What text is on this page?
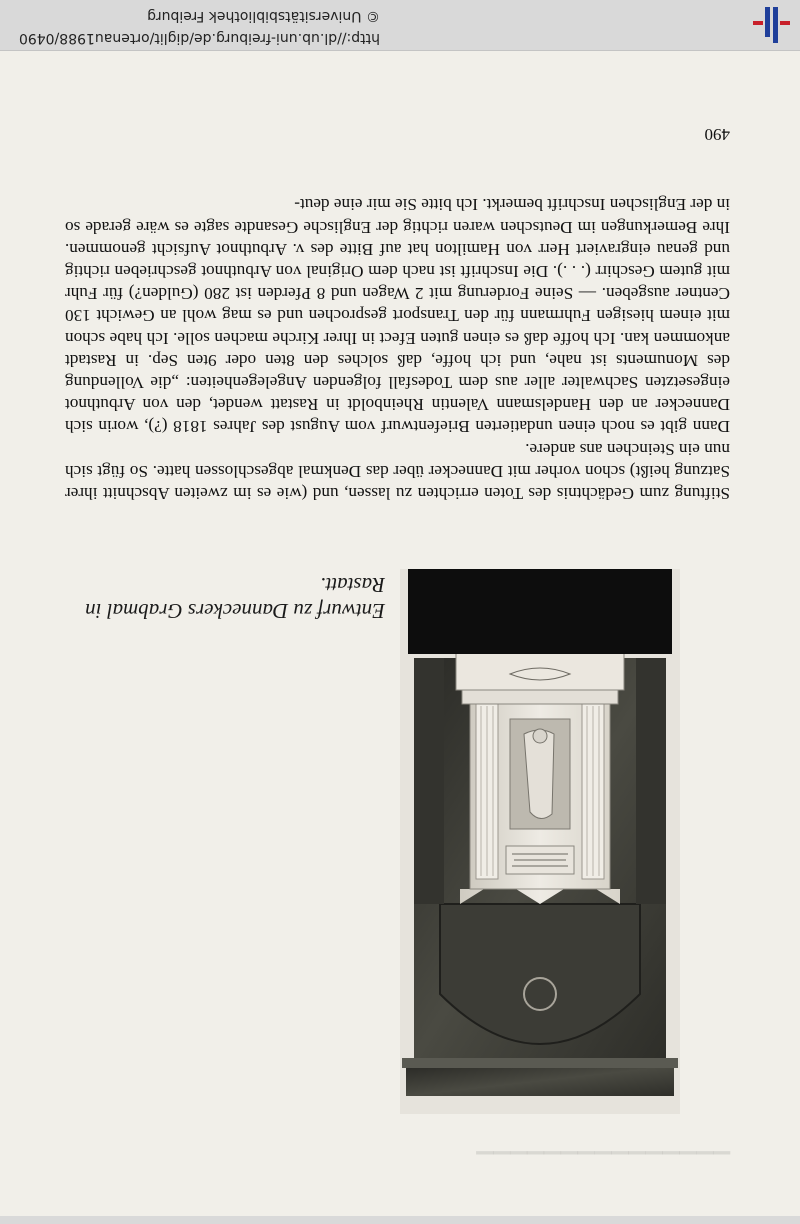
▔▔▔▔▔▔▔▔▔▔▔▔▔▔▔
Entwurf zu Danneckers Grabmal in Rastatt.

Stiftung zum Gedächtnis des Toten errichten zu lassen, und (wie es im zweiten Abschnitt ihrer Satzung heißt) schon vorher mit Dannecker über das Denkmal abgeschlossen hatte. So fügt sich nun ein Steinchen ans andere.

Dann gibt es noch einen undatierten Briefentwurf vom August des Jahres 1818 (?), worin sich Dannecker an den Handelsmann Valentin Rheinboldt in Rastatt wendet, den von Arbuthnot eingesetzten Sachwalter aller aus dem Todesfall folgenden Angelegenheiten: „die Vollendung des Monuments ist nahe, und ich hoffe, daß solches den 8ten oder 9ten Sep. in Rastadt ankommen kan. Ich hoffe daß es einen guten Efect in Ihrer Kirche machen solle. Ich habe schon mit einem hiesigen Fuhrmann für den Transport gesprochen und es mag wohl an Gewicht 130 Centner ausgeben. — Seine Forderung mit 2 Wagen und 8 Pferden ist 280 (Gulden?) für Fuhr mit gutem Geschirr (. . .). Die Inschrift ist nach dem Original von Arbuthnot geschrieben richtig und genau eingraviert Herr von Hamilton hat auf Bitte des v. Arbuthnot Aufsicht genommen. Ihre Bemerkungen im Deutschen waren richtig der Englische Gesandte sagte es wäre gerade so in der Englischen Inschrift bemerkt. Ich bitte Sie mir eine deut-

490
http://dl.ub.uni-freiburg.de/diglit/ortenau1988/0490
© Universitätsbibliothek Freiburg
